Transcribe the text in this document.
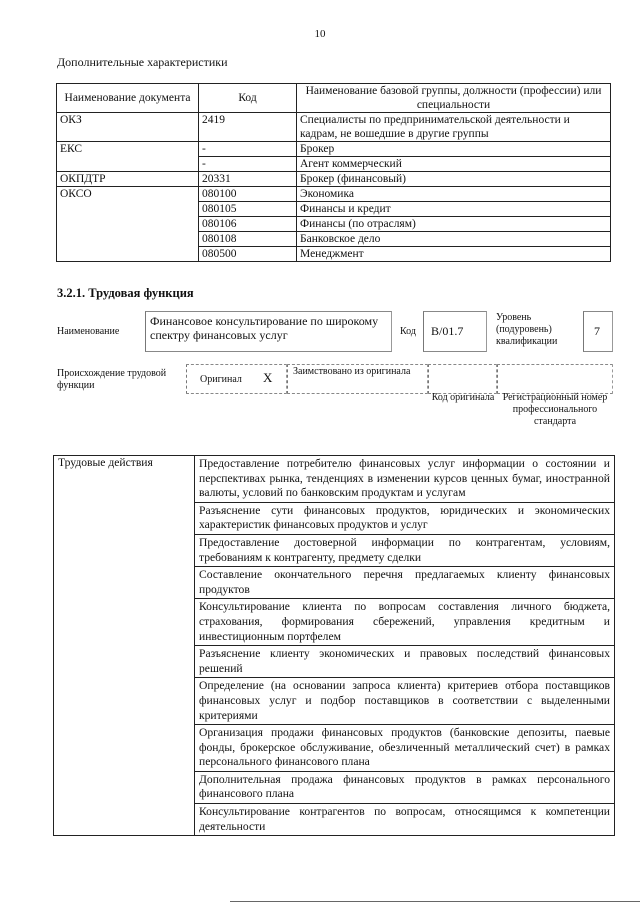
10
Дополнительные характеристики
Наименование документа	Код	Наименование базовой группы, должности (профессии) или специальности
ОКЗ	2419	Специалисты по предпринимательской деятельности и кадрам, не вошедшие в другие группы
ЕКС	-	Брокер
	-	Агент коммерческий
ОКПДТР	20331	Брокер (финансовый)
ОКСО	080100	Экономика
	080105	Финансы и кредит
	080106	Финансы (по отраслям)
	080108	Банковское дело
	080500	Менеджмент
3.2.1. Трудовая функция
Наименование
Финансовое консультирование по широкому спектру финансовых услуг	Код B/01.7
Уровень (подуровень) квалификации
7
Происхождение трудовой функции
Оригинал X Заимствовано из оригинала
Код оригинала Регистрационный номер профессионального стандарта
Трудовые действия	Предоставление потребителю финансовых услуг информации о состоянии и перспективах рынка, тенденциях в изменении курсов ценных бумаг, иностранной валюты, условий по банковским продуктам и услугам
Разъяснение сути финансовых продуктов, юридических и экономических характеристик финансовых продуктов и услуг
Предоставление достоверной информации по контрагентам, условиям, требованиям к контрагенту, предмету сделки
Составление окончательного перечня предлагаемых клиенту финансовых продуктов
Консультирование клиента по вопросам составления личного бюджета, страхования, формирования сбережений, управления кредитным и инвестиционным портфелем
Разъяснение клиенту экономических и правовых последствий финансовых решений
Определение (на основании запроса клиента) критериев отбора поставщиков финансовых услуг и подбор поставщиков в соответствии с выделенными критериями
Организация продажи финансовых продуктов (банковские депозиты, паевые фонды, брокерское обслуживание, обезличенный металлический счет) в рамках персонального финансового плана
Дополнительная продажа финансовых продуктов в рамках персонального финансового плана
Консультирование контрагентов по вопросам, относящимся к компетенции деятельности
